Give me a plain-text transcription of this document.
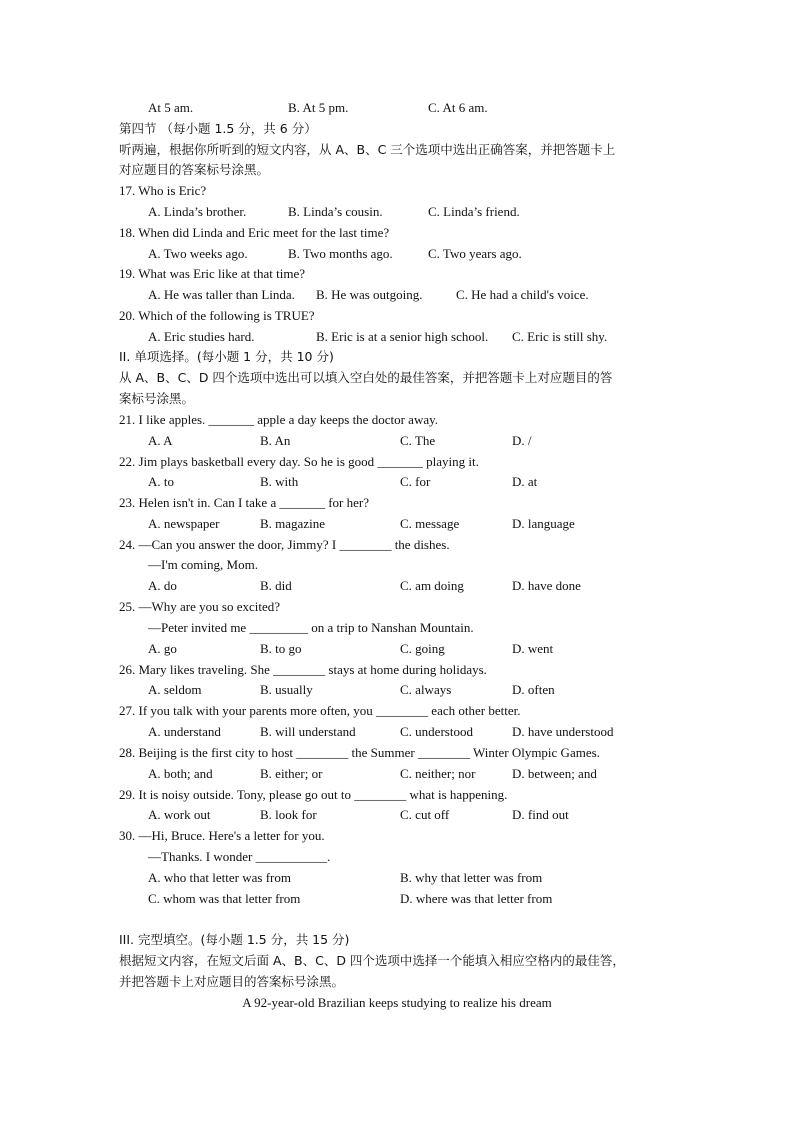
At 5 am.	B. At 5 pm.	C. At 6 am.
第四节 （每小题 1.5 分，共 6 分）
听两遍，根据你所听到的短文内容，从 A、B、C 三个选项中选出正确答案，并把答题卡上
对应题目的答案标号涂黑。
17. Who is Eric?
A. Linda’s brother.	B. Linda’s cousin.	C. Linda’s friend.
18. When did Linda and Eric meet for the last time?
A. Two weeks ago.	B. Two months ago.	C. Two years ago.
19. What was Eric like at that time?
A. He was taller than Linda. B. He was outgoing.	C. He had a child's voice.
20. Which of the following is TRUE?
A. Eric studies hard.	B. Eric is at a senior high school. C. Eric is still shy.
II. 单项选择。(每小题 1 分，共 10 分)
从 A、B、C、D 四个选项中选出可以填入空白处的最佳答案，并把答题卡上对应题目的答
案标号涂黑。
21. I like apples. _______ apple a day keeps the doctor away.
A. A	B. An	C. The	D. /
22. Jim plays basketball every day. So he is good _______ playing it.
A. to	B. with	C. for	D. at
23. Helen isn't in. Can I take a _______ for her?
A. newspaper	B. magazine	C. message	D. language
24. —Can you answer the door, Jimmy? I ________ the dishes.
—I'm coming, Mom.
A. do	B. did	C. am doing	D. have done
25. —Why are you so excited?
—Peter invited me _________ on a trip to Nanshan Mountain.
A. go	B. to go	C. going	D. went
26. Mary likes traveling. She ________ stays at home during holidays.
A. seldom	B. usually	C. always	D. often
27. If you talk with your parents more often, you ________ each other better.
A. understand	B. will understand	C. understood	D. have understood
28. Beijing is the first city to host ________ the Summer ________ Winter Olympic Games.
A. both; and	B. either; or	C. neither; nor	D. between; and
29. It is noisy outside. Tony, please go out to ________ what is happening.
A. work out	B. look for	C. cut off	D. find out
30. —Hi, Bruce. Here's a letter for you.
—Thanks. I wonder ___________.
A. who that letter was from	B. why that letter was from
C. whom was that letter from	D. where was that letter from
III. 完型填空。(每小题 1.5 分，共 15 分)
根据短文内容，在短文后面 A、B、C、D 四个选项中选择一个能填入相应空格内的最佳答，
并把答题卡上对应题目的答案标号涂黑。
A 92-year-old Brazilian keeps studying to realize his dream
